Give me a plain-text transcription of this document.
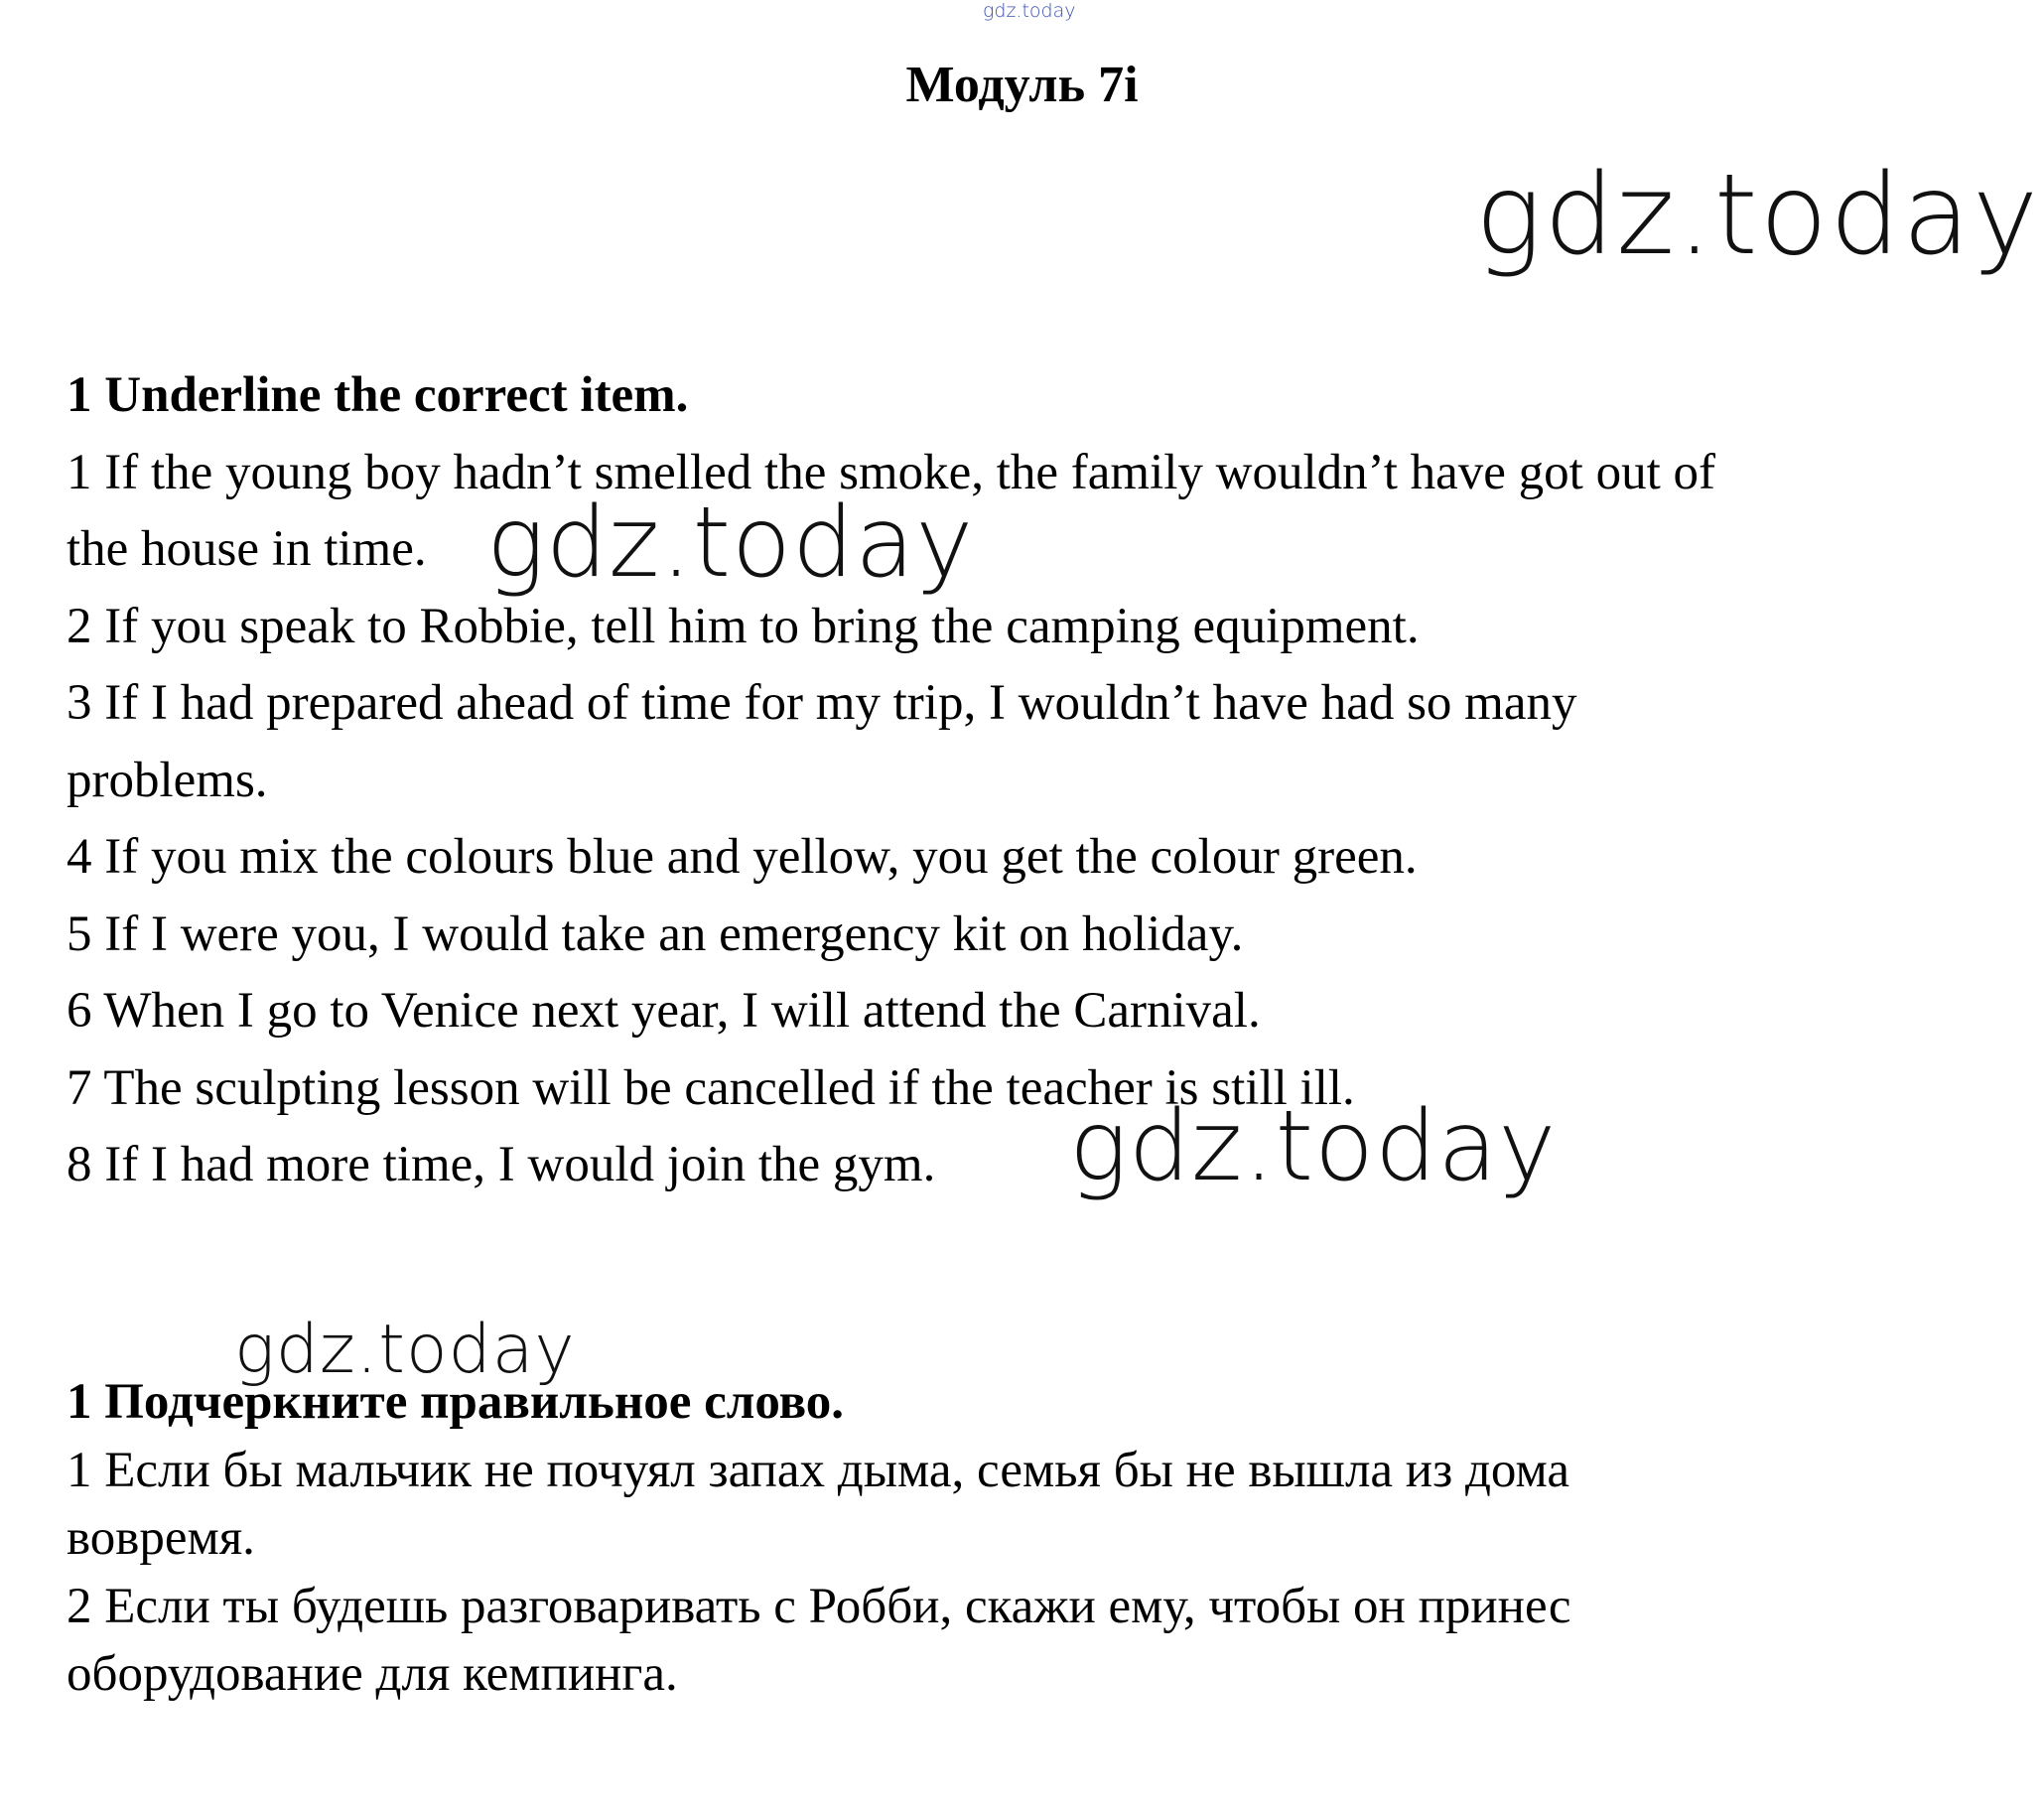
gdz.today
Модуль 7i
gdz.today
1 Underline the correct item.
1 If the young boy hadn’t smelled the smoke, the family wouldn’t have got out of
the house in time.
2 If you speak to Robbie, tell him to bring the camping equipment.
3 If I had prepared ahead of time for my trip, I wouldn’t have had so many
problems.
4 If you mix the colours blue and yellow, you get the colour green.
5 If I were you, I would take an emergency kit on holiday.
6 When I go to Venice next year, I will attend the Carnival.
7 The sculpting lesson will be cancelled if the teacher is still ill.
8 If I had more time, I would join the gym.
gdz.today
gdz.today
gdz.today
1 Подчеркните правильное слово.
1 Если бы мальчик не почуял запах дыма, семья бы не вышла из дома
вовремя.
2 Если ты будешь разговаривать с Робби, скажи ему, чтобы он принес
оборудование для кемпинга.
